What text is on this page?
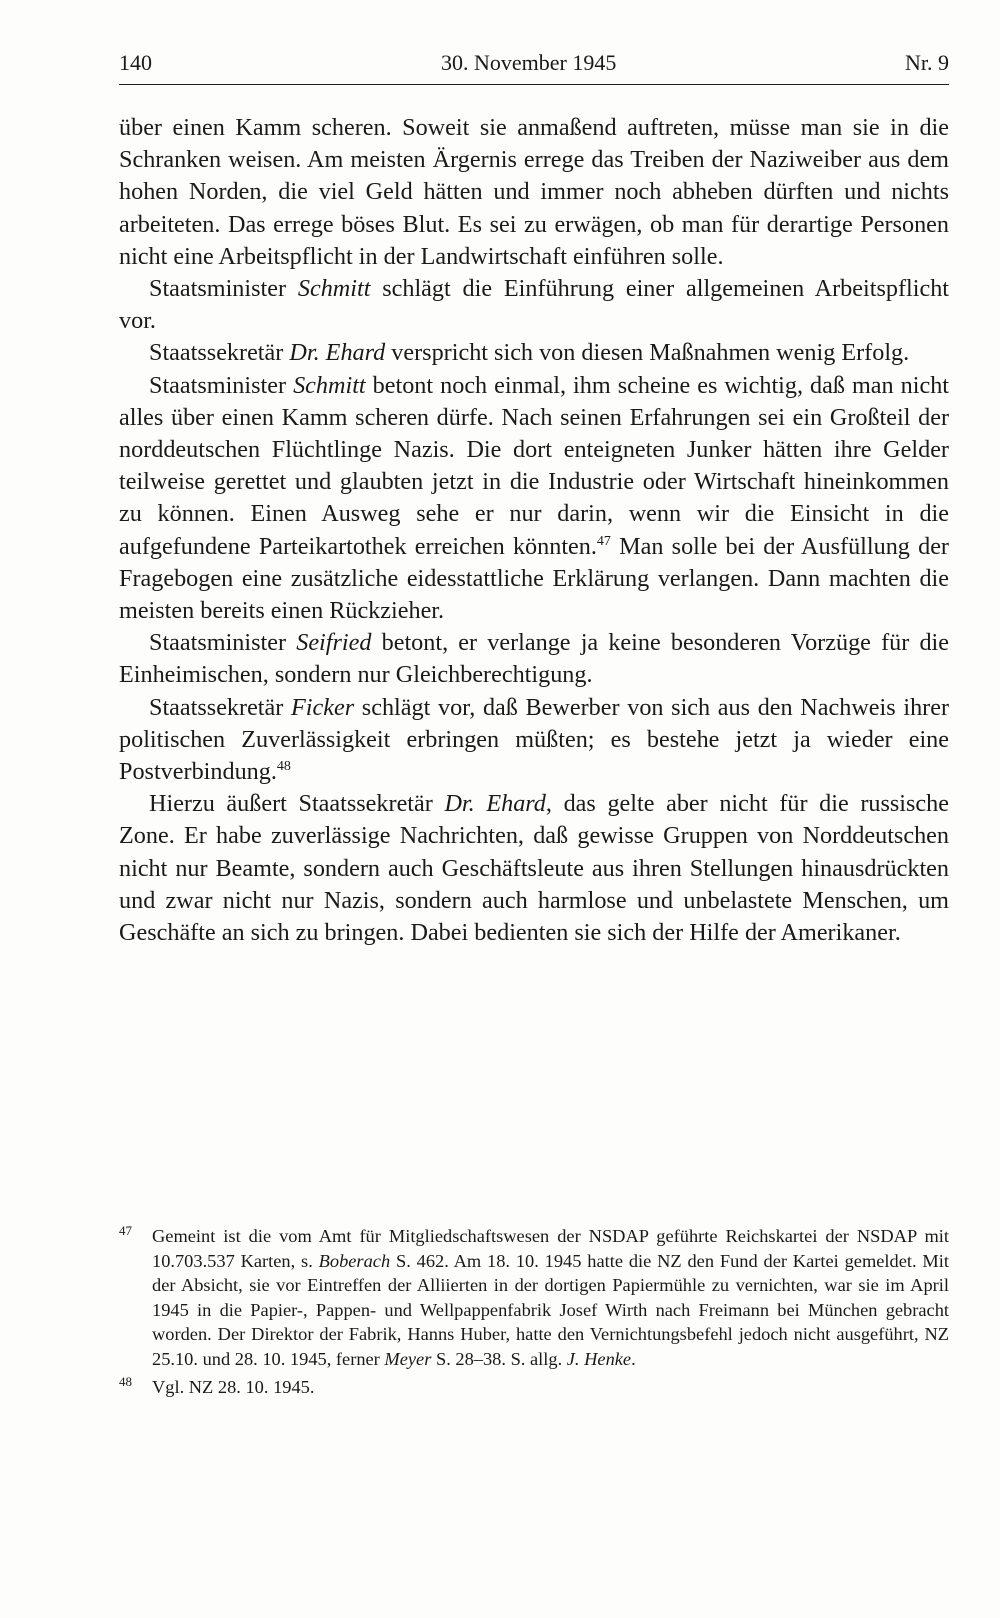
140	30. November 1945	Nr. 9

über einen Kamm scheren. Soweit sie anmaßend auftreten, müsse man sie in die Schranken weisen. Am meisten Ärgernis errege das Treiben der Naziweiber aus dem hohen Norden, die viel Geld hätten und immer noch abheben dürften und nichts arbeiteten. Das errege böses Blut. Es sei zu erwägen, ob man für derartige Personen nicht eine Arbeitspflicht in der Landwirtschaft einführen solle.

Staatsminister Schmitt schlägt die Einführung einer allgemeinen Arbeitspflicht vor.

Staatssekretär Dr. Ehard verspricht sich von diesen Maßnahmen wenig Erfolg.

Staatsminister Schmitt betont noch einmal, ihm scheine es wichtig, daß man nicht alles über einen Kamm scheren dürfe. Nach seinen Erfahrungen sei ein Großteil der norddeutschen Flüchtlinge Nazis. Die dort enteigneten Junker hätten ihre Gelder teilweise gerettet und glaubten jetzt in die Industrie oder Wirtschaft hineinkommen zu können. Einen Ausweg sehe er nur darin, wenn wir die Einsicht in die aufgefundene Parteikartothek erreichen könnten.$^{47}$ Man solle bei der Ausfüllung der Fragebogen eine zusätzliche eidesstattliche Erklärung verlangen. Dann machten die meisten bereits einen Rückzieher.

Staatsminister Seifried betont, er verlange ja keine besonderen Vorzüge für die Einheimischen, sondern nur Gleichberechtigung.

Staatssekretär Ficker schlägt vor, daß Bewerber von sich aus den Nachweis ihrer politischen Zuverlässigkeit erbringen müßten; es bestehe jetzt ja wieder eine Postverbindung.$^{48}$

Hierzu äußert Staatssekretär Dr. Ehard, das gelte aber nicht für die russische Zone. Er habe zuverlässige Nachrichten, daß gewisse Gruppen von Norddeutschen nicht nur Beamte, sondern auch Geschäftsleute aus ihren Stellungen hinausdrückten und zwar nicht nur Nazis, sondern auch harmlose und unbelastete Menschen, um Geschäfte an sich zu bringen. Dabei bedienten sie sich der Hilfe der Amerikaner.

47 Gemeint ist die vom Amt für Mitgliedschaftswesen der NSDAP geführte Reichskartei der NSDAP mit 10.703.537 Karten, s. Boberach S. 462. Am 18. 10. 1945 hatte die NZ den Fund der Kartei gemeldet. Mit der Absicht, sie vor Eintreffen der Alliierten in der dortigen Papiermühle zu vernichten, war sie im April 1945 in die Papier-, Pappen- und Wellpappenfabrik Josef Wirth nach Freimann bei München gebracht worden. Der Direktor der Fabrik, Hanns Huber, hatte den Vernichtungsbefehl jedoch nicht ausgeführt, NZ 25.10. und 28. 10. 1945, ferner Meyer S. 28–38. S. allg. J. Henke.

48 Vgl. NZ 28. 10. 1945.
